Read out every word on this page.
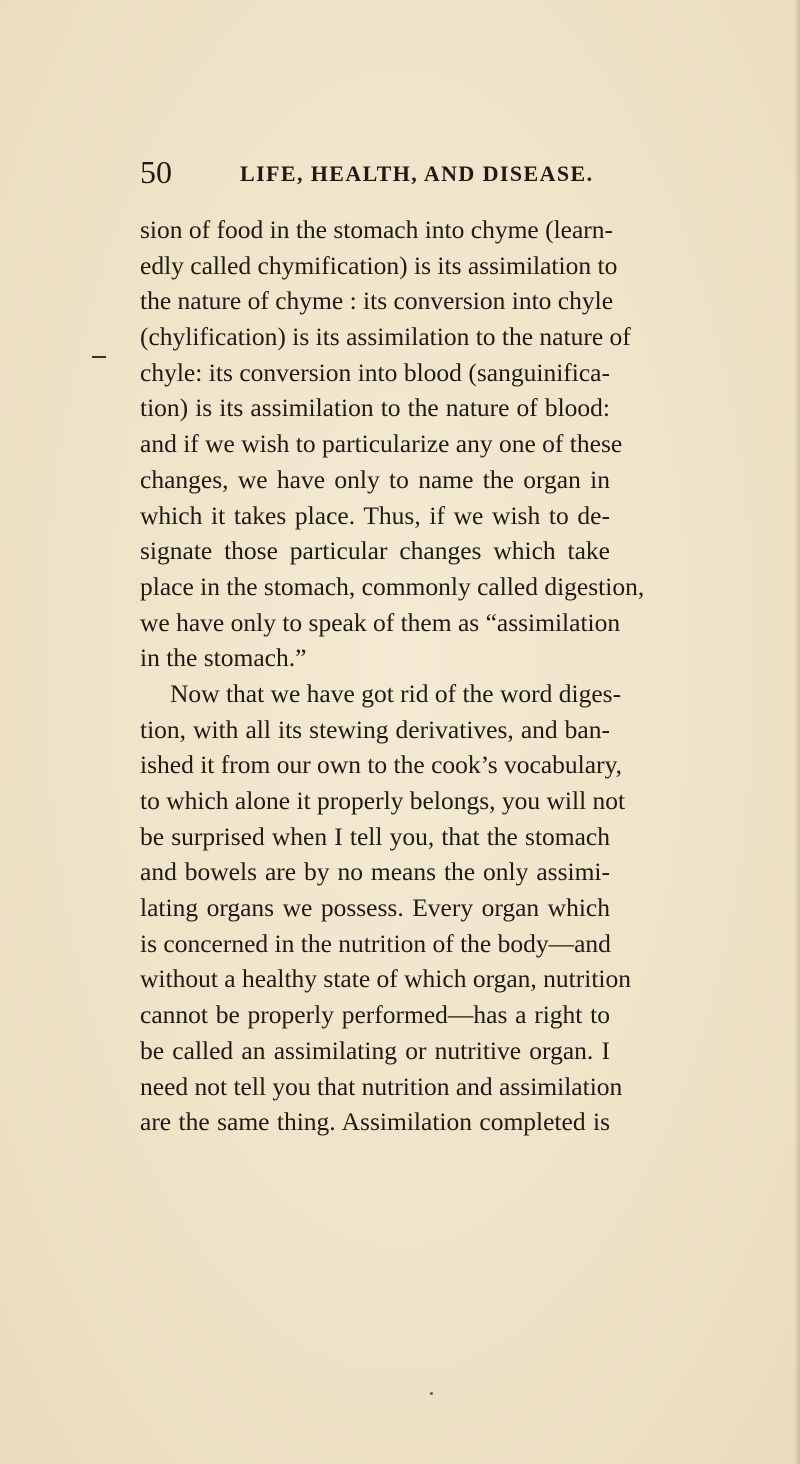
50	LIFE, HEALTH, AND DISEASE.
sion of food in the stomach into chyme (learn-
edly called chymification) is its assimilation to
the nature of chyme : its conversion into chyle
(chylification) is its assimilation to the nature of
chyle: its conversion into blood (sanguinifica-
tion) is its assimilation to the nature of blood:
and if we wish to particularize any one of these
changes, we have only to name the organ in
which it takes place. Thus, if we wish to de-
signate those particular changes which take
place in the stomach, commonly called digestion,
we have only to speak of them as “assimilation
in the stomach.”
Now that we have got rid of the word diges-
tion, with all its stewing derivatives, and ban-
ished it from our own to the cook’s vocabulary,
to which alone it properly belongs, you will not
be surprised when I tell you, that the stomach
and bowels are by no means the only assimi-
lating organs we possess. Every organ which
is concerned in the nutrition of the body—and
without a healthy state of which organ, nutrition
cannot be properly performed—has a right to
be called an assimilating or nutritive organ. I
need not tell you that nutrition and assimilation
are the same thing. Assimilation completed is
